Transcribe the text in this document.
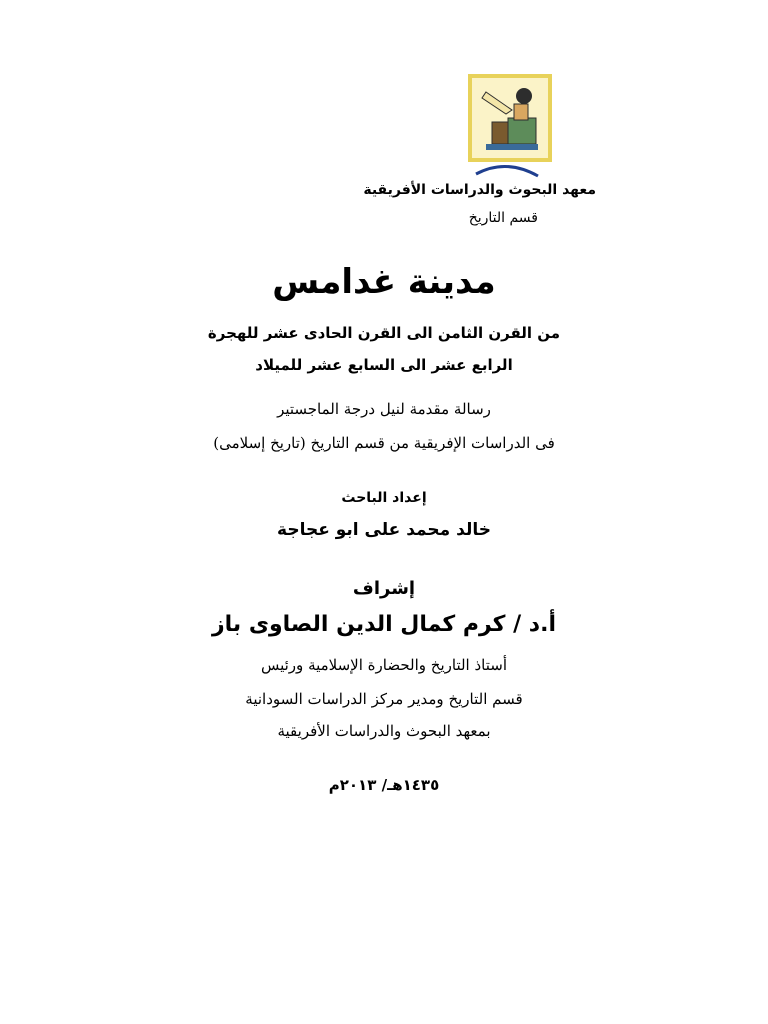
معهد البحوث والدراسات الأفريقية
قسم التاريخ
مدينة غدامس
من القرن الثامن الى القرن الحادى عشر للهجرة
الرابع عشر الى السابع عشر للميلاد
رسالة مقدمة لنيل درجة الماجستير
فى الدراسات الإفريقية من قسم التاريخ (تاريخ إسلامى)
إعداد الباحث
خالد محمد على ابو عجاجة
إشراف
أ.د / كرم كمال الدين الصاوى باز
أستاذ التاريخ والحضارة الإسلامية ورئيس
قسم التاريخ ومدير مركز الدراسات السودانية
بمعهد البحوث والدراسات الأفريقية
١٤٣٥هـ/ ٢٠١٣م
